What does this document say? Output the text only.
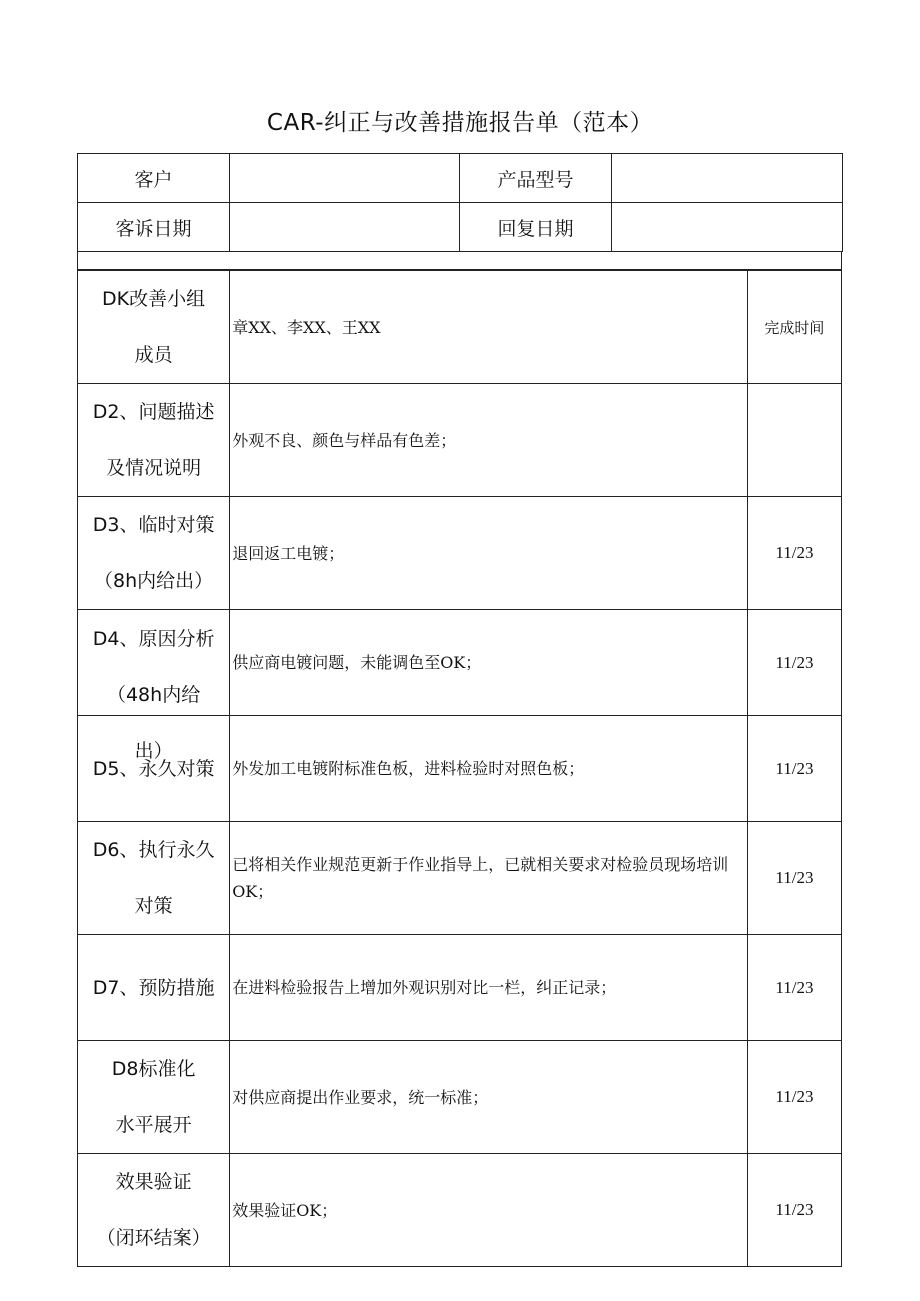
CAR-纠正与改善措施报告单（范本）
客户		产品型号	
客诉日期		回复日期	
DK改善小组
成员	章XX、李XX、王XX	完成时间

D2、问题描述
及情况说明	外观不良、颜色与样品有色差；	

D3、临时对策
（8h内给出）	退回返工电镀；	11/23

D4、原因分析
（48h内给
出）	供应商电镀问题，未能调色至OK；	11/23

D5、永久对策	外发加工电镀附标准色板，进料检验时对照色板；	11/23

D6、执行永久
对策	已将相关作业规范更新于作业指导上，已就相关要求对检验员现场培训OK；	11/23

D7、预防措施	在进料检验报告上增加外观识别对比一栏，纠正记录；	11/23

D8标准化
水平展开	对供应商提出作业要求，统一标准；	11/23

效果验证
（闭环结案）	效果验证OK；	11/23
